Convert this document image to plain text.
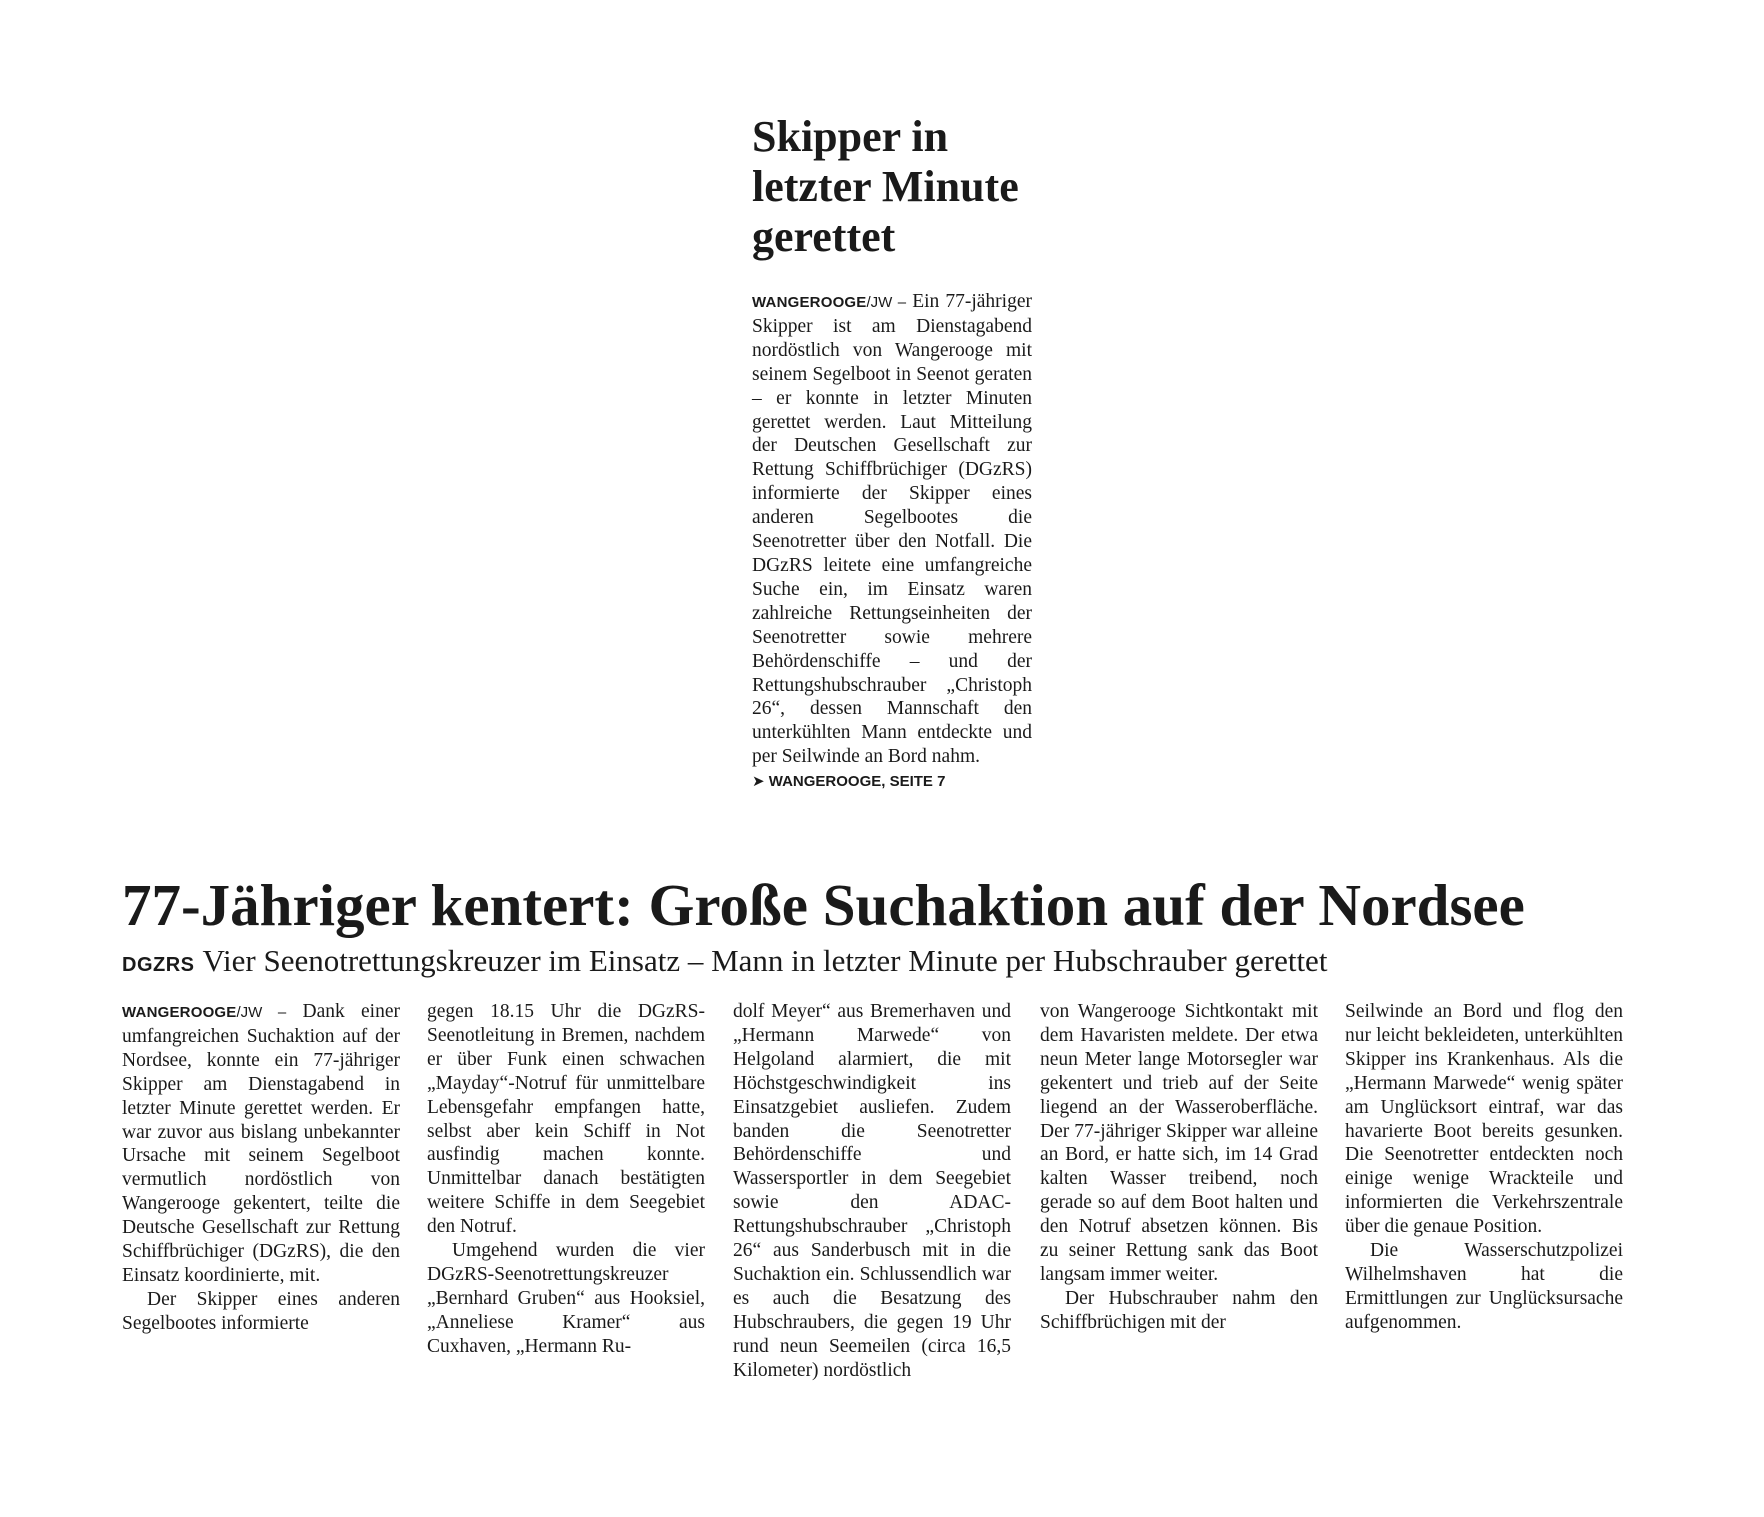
Skipper in letzter Minute gerettet

WANGEROOGE/JW – Ein 77-jähriger Skipper ist am Dienstagabend nordöstlich von Wangerooge mit seinem Segelboot in Seenot geraten – er konnte in letzter Minuten gerettet werden. Laut Mitteilung der Deutschen Gesellschaft zur Rettung Schiffbrüchiger (DGzRS) informierte der Skipper eines anderen Segelbootes die Seenotretter über den Notfall. Die DGzRS leitete eine umfangreiche Suche ein, im Einsatz waren zahlreiche Rettungseinheiten der Seenotretter sowie mehrere Behördenschiffe – und der Rettungshubschrauber „Christoph 26“, dessen Mannschaft den unterkühlten Mann entdeckte und per Seilwinde an Bord nahm.

➤ WANGEROOGE, SEITE 7
77-Jähriger kentert: Große Suchaktion auf der Nordsee
DGZRS Vier Seenotrettungskreuzer im Einsatz – Mann in letzter Minute per Hubschrauber gerettet

WANGEROOGE/JW – Dank einer umfangreichen Suchaktion auf der Nordsee, konnte ein 77-jähriger Skipper am Dienstagabend in letzter Minute gerettet werden. Er war zuvor aus bislang unbekannter Ursache mit seinem Segelboot vermutlich nordöstlich von Wangerooge gekentert, teilte die Deutsche Gesellschaft zur Rettung Schiffbrüchiger (DGzRS), die den Einsatz koordinierte, mit.

Der Skipper eines anderen Segelbootes informierte

gegen 18.15 Uhr die DGzRS-Seenotleitung in Bremen, nachdem er über Funk einen schwachen „Mayday“-Notruf für unmittelbare Lebensgefahr empfangen hatte, selbst aber kein Schiff in Not ausfindig machen konnte. Unmittelbar danach bestätigten weitere Schiffe in dem Seegebiet den Notruf.

Umgehend wurden die vier DGzRS-Seenotrettungskreuzer „Bernhard Gruben“ aus Hooksiel, „Anneliese Kramer“ aus Cuxhaven, „Hermann Ru-

dolf Meyer“ aus Bremerhaven und „Hermann Marwede“ von Helgoland alarmiert, die mit Höchstgeschwindigkeit ins Einsatzgebiet ausliefen. Zudem banden die Seenotretter Behördenschiffe und Wassersportler in dem Seegebiet sowie den ADAC-Rettungshubschrauber „Christoph 26“ aus Sanderbusch mit in die Suchaktion ein. Schlussendlich war es auch die Besatzung des Hubschraubers, die gegen 19 Uhr rund neun Seemeilen (circa 16,5 Kilometer) nordöstlich

von Wangerooge Sichtkontakt mit dem Havaristen meldete. Der etwa neun Meter lange Motorsegler war gekentert und trieb auf der Seite liegend an der Wasseroberfläche. Der 77-jähriger Skipper war alleine an Bord, er hatte sich, im 14 Grad kalten Wasser treibend, noch gerade so auf dem Boot halten und den Notruf absetzen können. Bis zu seiner Rettung sank das Boot langsam immer weiter.

Der Hubschrauber nahm den Schiffbrüchigen mit der

Seilwinde an Bord und flog den nur leicht bekleideten, unterkühlten Skipper ins Krankenhaus. Als die „Hermann Marwede“ wenig später am Unglücksort eintraf, war das havarierte Boot bereits gesunken. Die Seenotretter entdeckten noch einige wenige Wrackteile und informierten die Verkehrszentrale über die genaue Position.

Die Wasserschutzpolizei Wilhelmshaven hat die Ermittlungen zur Unglücksursache aufgenommen.
